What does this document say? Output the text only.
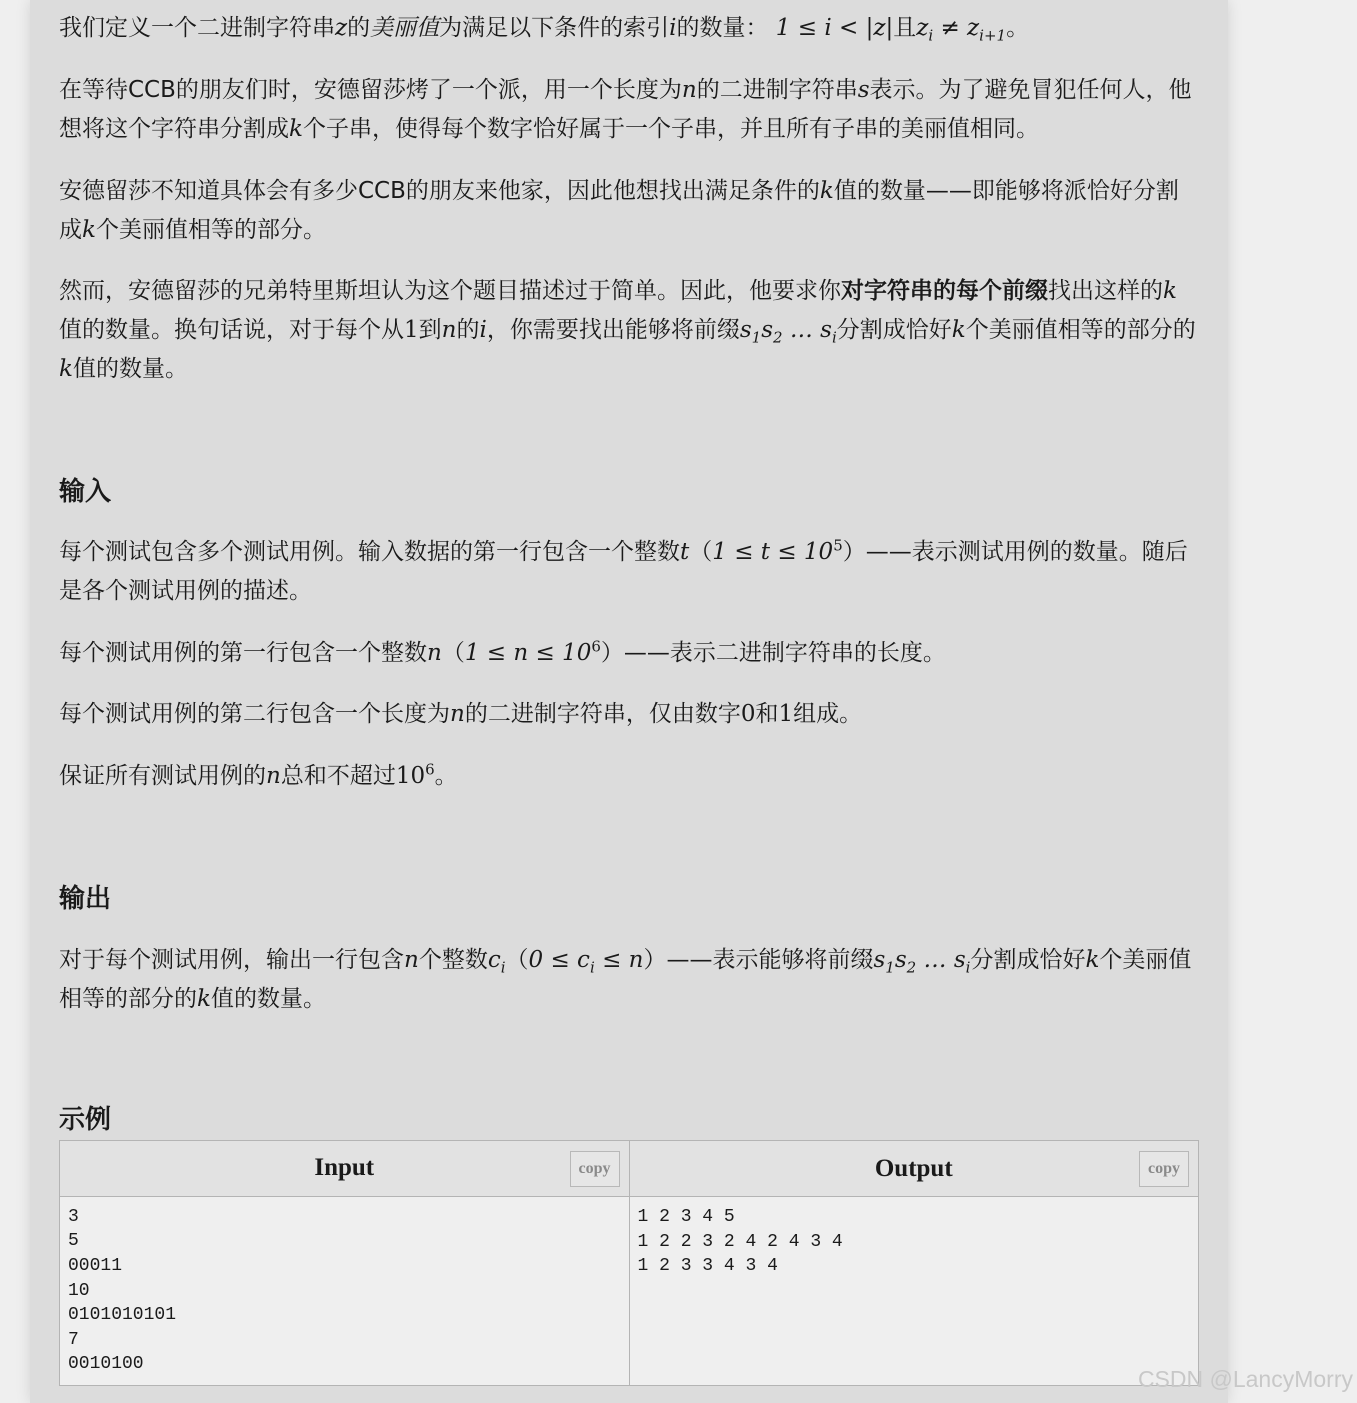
我们定义一个二进制字符串z的美丽值为满足以下条件的索引i的数量： 1 ≤ i < |z|且$z_i \ne z_{i+1}$。

在等待CCB的朋友们时，安德留莎烤了一个派，用一个长度为n的二进制字符串s表示。为了避免冒犯任何人，他想将这个字符串分割成k个子串，使得每个数字恰好属于一个子串，并且所有子串的美丽值相同。

安德留莎不知道具体会有多少CCB的朋友来他家，因此他想找出满足条件的k值的数量——即能够将派恰好分割成k个美丽值相等的部分。

然而，安德留莎的兄弟特里斯坦认为这个题目描述过于简单。因此，他要求你对字符串的每个前缀找出这样的k值的数量。换句话说，对于每个从1到n的i，你需要找出能够将前缀$s_1s_2$ … $s_i$分割成恰好k个美丽值相等的部分的k值的数量。

输入

每个测试包含多个测试用例。输入数据的第一行包含一个整数$t(1 \le t \le 10^5)——$表示测试用例的数量。随后是各个测试用例的描述。

每个测试用例的第一行包含一个整数$n(1 \le n \le 10^6)——$表示二进制字符串的长度。

每个测试用例的第二行包含一个长度为n的二进制字符串，仅由数字0和1组成。

保证所有测试用例的n总和不超过$10^6$。

输出

对于每个测试用例，输出一行包含n个整数$c_i(0 \le c_i$ ≤ n）——表示能够将前缀$s_1s_2$ … $s_i$分割成恰好k个美丽值相等的部分的k值的数量。

示例
Input	copy
3
5
00011
10
0101010101
7
0010100
Output	copy
1 2 3 4 5
1 2 2 3 2 4 2 4 3 4
1 2 3 3 4 3 4
CSDN @LancyMorry
